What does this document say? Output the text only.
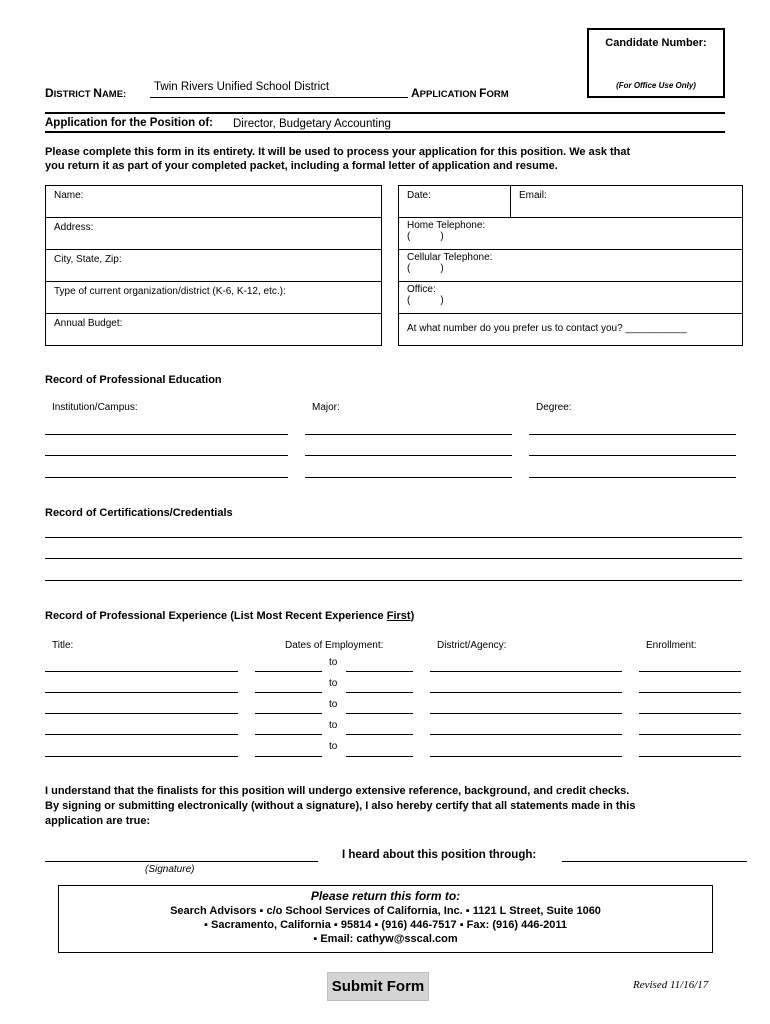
Candidate Number:
(For Office Use Only)
DISTRICT NAME:
Twin Rivers Unified School District	APPLICATION FORM
Application for the Position of: Director, Budgetary Accounting
Please complete this form in its entirety. It will be used to process your application for this position. We ask that
you return it as part of your completed packet, including a formal letter of application and resume.
Name:
Address:
City, State, Zip:
Type of current organization/district (K-6, K-12, etc.):
Annual Budget:
Date:	Email:
Home Telephone:
(	)
Cellular Telephone:
(	)
Office:
(	)
At what number do you prefer us to contact you? ___________
Record of Professional Education
Institution/Campus:	Major:	Degree:
Record of Certifications/Credentials
Record of Professional Experience (List Most Recent Experience First)
Title:	Dates of Employment:	District/Agency:	Enrollment:
to
to
to
to
to
I understand that the finalists for this position will undergo extensive reference, background, and credit checks.
By signing or submitting electronically (without a signature), I also hereby certify that all statements made in this
application are true:
(Signature)
I heard about this position through:
Please return this form to:
Search Advisors ▪ c/o School Services of California, Inc. ▪ 1121 L Street, Suite 1060
▪ Sacramento, California ▪ 95814 ▪ (916) 446-7517 ▪ Fax: (916) 446-2011
▪ Email: cathyw@sscal.com
Submit Form	Revised 11/16/17
